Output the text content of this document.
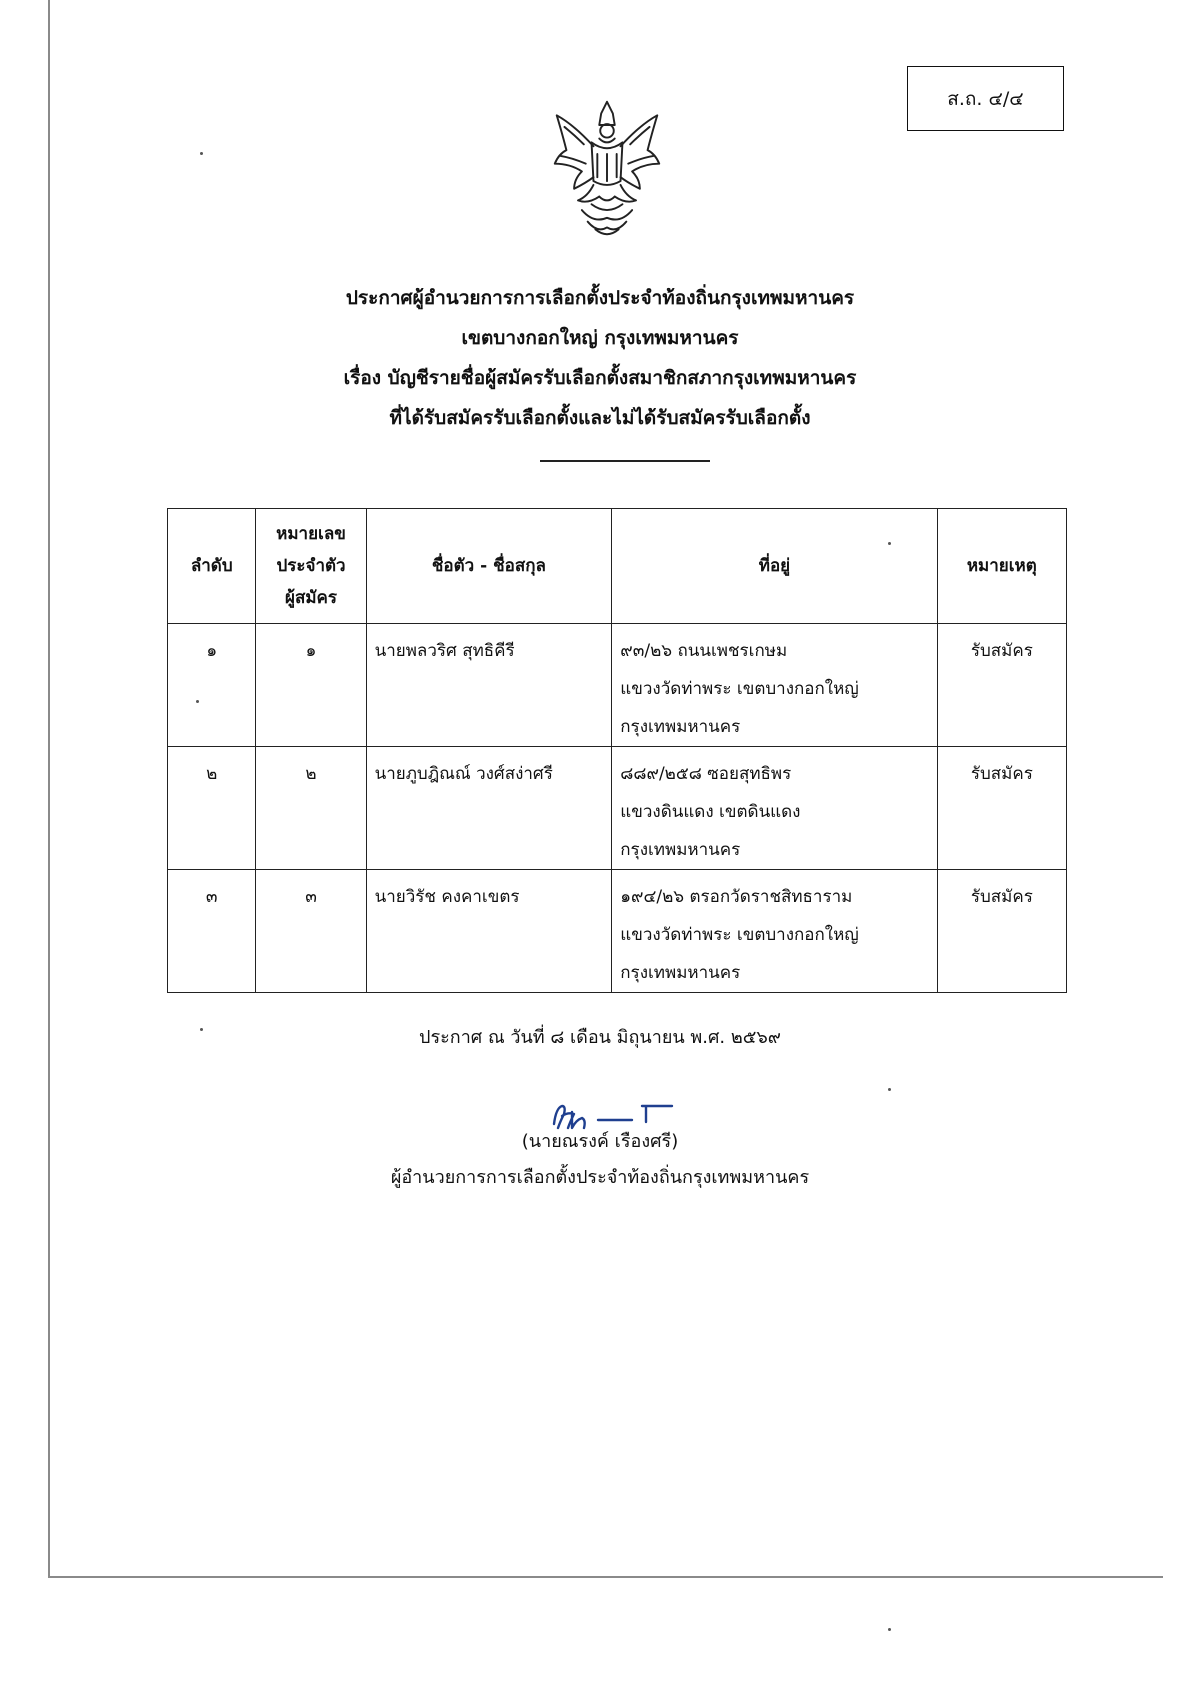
ส.ถ. ๔/๔
ประกาศผู้อำนวยการการเลือกตั้งประจำท้องถิ่นกรุงเทพมหานคร
เขตบางกอกใหญ่ กรุงเทพมหานคร
เรื่อง บัญชีรายชื่อผู้สมัครรับเลือกตั้งสมาชิกสภากรุงเทพมหานคร
ที่ได้รับสมัครรับเลือกตั้งและไม่ได้รับสมัครรับเลือกตั้ง
ลำดับ	หมายเลข
ประจำตัว
ผู้สมัคร	ชื่อตัว - ชื่อสกุล	ที่อยู่	หมายเหตุ
๑	๑	นายพลวริศ สุทธิคีรี	๙๓/๒๖ ถนนเพชรเกษม
แขวงวัดท่าพระ เขตบางกอกใหญ่
กรุงเทพมหานคร	รับสมัคร
๒	๒	นายภูบฎิณณ์ วงศ์สง่าศรี	๘๘๙/๒๕๘ ซอยสุทธิพร
แขวงดินแดง เขตดินแดง
กรุงเทพมหานคร	รับสมัคร
๓	๓	นายวิรัช คงคาเขตร	๑๙๔/๒๖ ตรอกวัดราชสิทธาราม
แขวงวัดท่าพระ เขตบางกอกใหญ่
กรุงเทพมหานคร	รับสมัคร
ประกาศ ณ วันที่ ๘ เดือน มิถุนายน พ.ศ. ๒๕๖๙
(นายณรงค์ เรืองศรี)
ผู้อำนวยการการเลือกตั้งประจำท้องถิ่นกรุงเทพมหานคร
